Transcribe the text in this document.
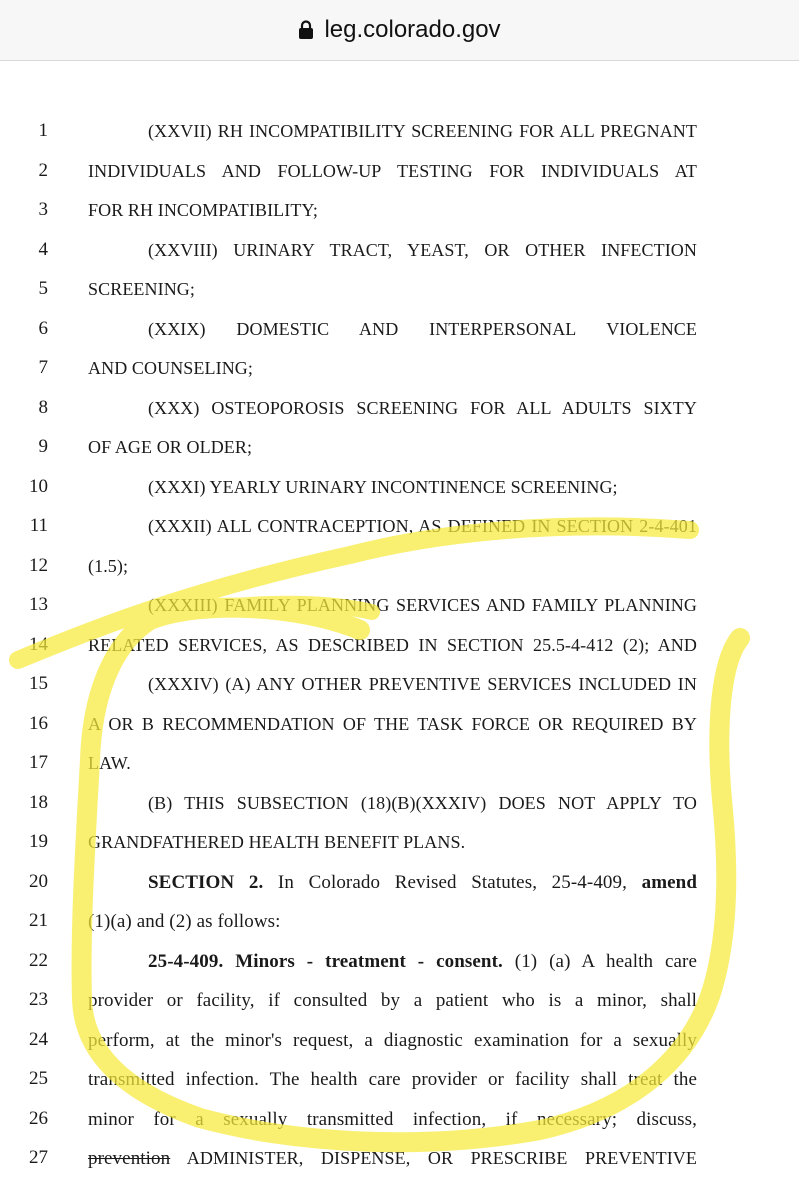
leg.colorado.gov
1	(XXVII) RH INCOMPATIBILITY SCREENING FOR ALL PREGNANT
2 INDIVIDUALS AND FOLLOW-UP TESTING FOR INDIVIDUALS AT
3 FOR RH INCOMPATIBILITY;
4	(XXVIII) URINARY TRACT, YEAST, OR OTHER INFECTION
5 SCREENING;
6	(XXIX) DOMESTIC AND INTERPERSONAL VIOLENCE
7 AND COUNSELING;
8	(XXX) OSTEOPOROSIS SCREENING FOR ALL ADULTS SIXTY
9 OF AGE OR OLDER;
10	(XXXI) YEARLY URINARY INCONTINENCE SCREENING;
11	(XXXII) ALL CONTRACEPTION, AS DEFINED IN SECTION 2-4-401
12 (1.5);
13	(XXXIII) FAMILY PLANNING SERVICES AND FAMILY PLANNING
14 RELATED SERVICES, AS DESCRIBED IN SECTION 25.5-4-412 (2); AND
15	(XXXIV) (A) ANY OTHER PREVENTIVE SERVICES INCLUDED IN
16 A OR B RECOMMENDATION OF THE TASK FORCE OR REQUIRED BY
17 LAW.
18	(B) THIS SUBSECTION (18)(B)(XXXIV) DOES NOT APPLY TO
19 GRANDFATHERED HEALTH BENEFIT PLANS.
20	SECTION 2. In Colorado Revised Statutes, 25-4-409, amend
21 (1)(a) and (2) as follows:
22	25-4-409. Minors - treatment - consent. (1) (a) A health care
23 provider or facility, if consulted by a patient who is a minor, shall
24 perform, at the minor's request, a diagnostic examination for a sexually
25 transmitted infection. The health care provider or facility shall treat the
26 minor for a sexually transmitted infection, if necessary; discuss,
27 prevention ADMINISTER, DISPENSE, OR PRESCRIBE PREVENTIVE
